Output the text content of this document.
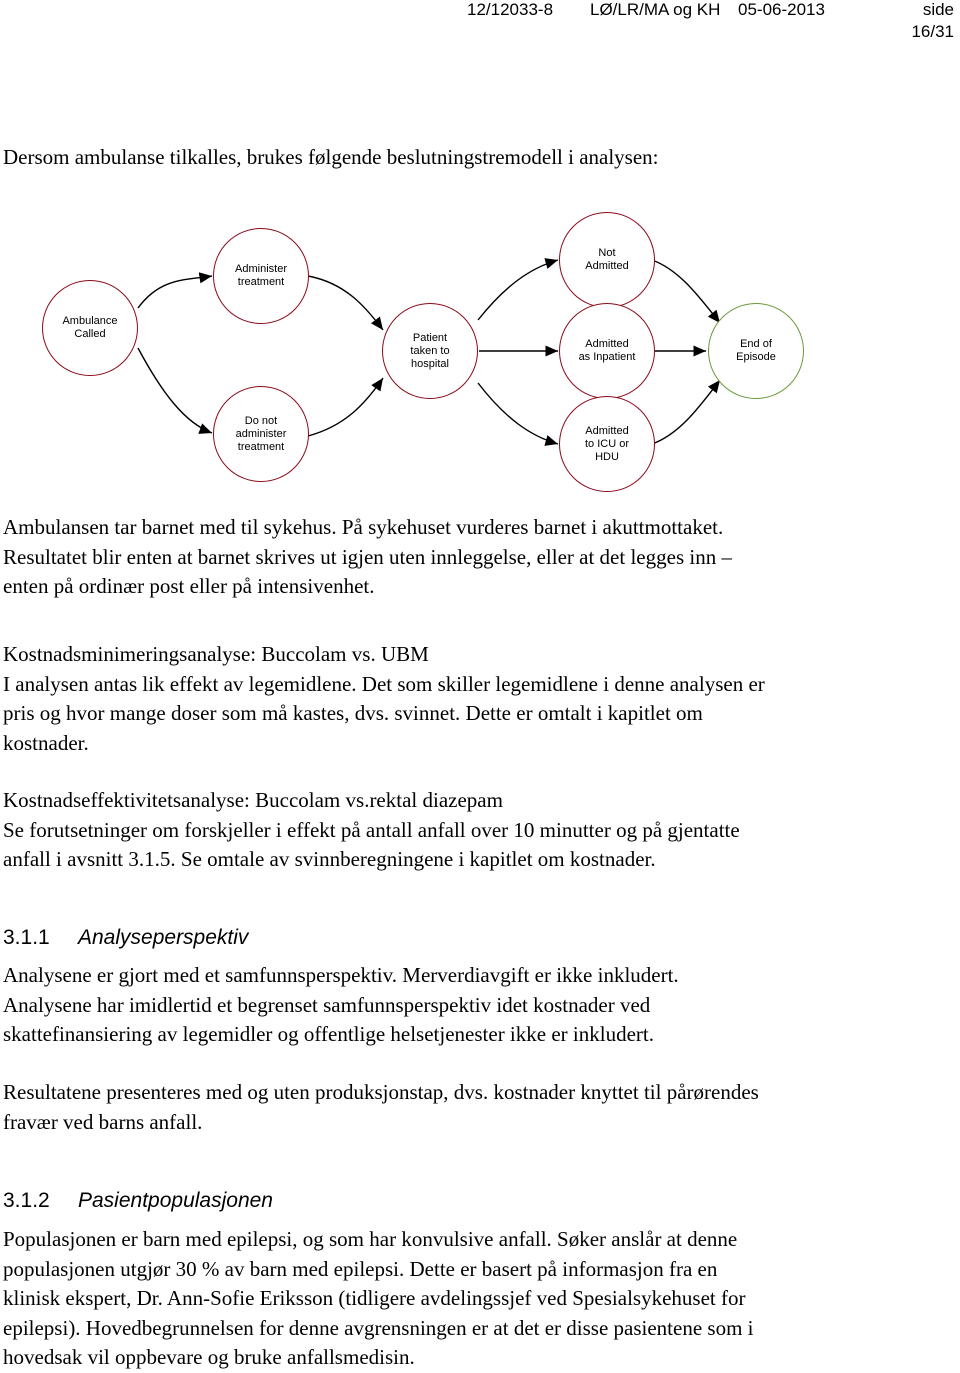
12/12033-8 LØ/LR/MA og KH 05-06-2013	side
16/31

Dersom ambulanse tilkalles, brukes følgende beslutningstremodell i analysen:

Ambulance
Called
Administer
treatment
Do not
administer
treatment
Patient
taken to
hospital
Not
Admitted
Admitted
as Inpatient
Admitted
to ICU or
HDU
End of
Episode

Ambulansen tar barnet med til sykehus. På sykehuset vurderes barnet i akuttmottaket.

Resultatet blir enten at barnet skrives ut igjen uten innleggelse, eller at det legges inn –

enten på ordinær post eller på intensivenhet.

Kostnadsminimeringsanalyse: Buccolam vs. UBM

I analysen antas lik effekt av legemidlene. Det som skiller legemidlene i denne analysen er

pris og hvor mange doser som må kastes, dvs. svinnet. Dette er omtalt i kapitlet om

kostnader.

Kostnadseffektivitetsanalyse: Buccolam vs.rektal diazepam

Se forutsetninger om forskjeller i effekt på antall anfall over 10 minutter og på gjentatte

anfall i avsnitt 3.1.5. Se omtale av svinnberegningene i kapitlet om kostnader.

3.1.1 Analyseperspektiv

Analysene er gjort med et samfunnsperspektiv. Merverdiavgift er ikke inkludert.

Analysene har imidlertid et begrenset samfunnsperspektiv idet kostnader ved

skattefinansiering av legemidler og offentlige helsetjenester ikke er inkludert.

Resultatene presenteres med og uten produksjonstap, dvs. kostnader knyttet til pårørendes

fravær ved barns anfall.

3.1.2 Pasientpopulasjonen

Populasjonen er barn med epilepsi, og som har konvulsive anfall. Søker anslår at denne

populasjonen utgjør 30 % av barn med epilepsi. Dette er basert på informasjon fra en

klinisk ekspert, Dr. Ann-Sofie Eriksson (tidligere avdelingssjef ved Spesialsykehuset for

epilepsi). Hovedbegrunnelsen for denne avgrensningen er at det er disse pasientene som i

hovedsak vil oppbevare og bruke anfallsmedisin.
